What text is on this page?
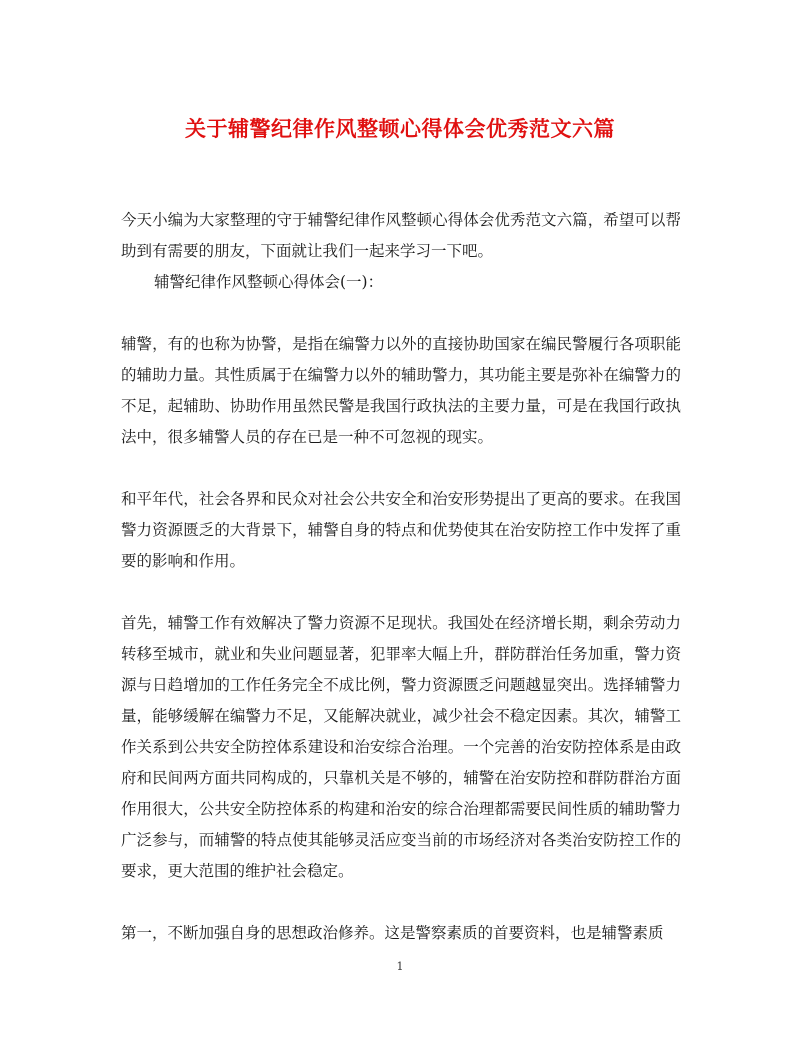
关于辅警纪律作风整顿心得体会优秀范文六篇

今天小编为大家整理的守于辅警纪律作风整顿心得体会优秀范文六篇，希望可以帮助到有需要的朋友，下面就让我们一起来学习一下吧。

辅警纪律作风整顿心得体会(一)：

辅警，有的也称为协警，是指在编警力以外的直接协助国家在编民警履行各项职能的辅助力量。其性质属于在编警力以外的辅助警力，其功能主要是弥补在编警力的不足，起辅助、协助作用虽然民警是我国行政执法的主要力量，可是在我国行政执法中，很多辅警人员的存在已是一种不可忽视的现实。

和平年代，社会各界和民众对社会公共安全和治安形势提出了更高的要求。在我国警力资源匮乏的大背景下，辅警自身的特点和优势使其在治安防控工作中发挥了重要的影响和作用。

首先，辅警工作有效解决了警力资源不足现状。我国处在经济增长期，剩余劳动力转移至城市，就业和失业问题显著，犯罪率大幅上升，群防群治任务加重，警力资源与日趋增加的工作任务完全不成比例，警力资源匮乏问题越显突出。选择辅警力量，能够缓解在编警力不足，又能解决就业，减少社会不稳定因素。其次，辅警工作关系到公共安全防控体系建设和治安综合治理。一个完善的治安防控体系是由政府和民间两方面共同构成的，只靠机关是不够的，辅警在治安防控和群防群治方面作用很大，公共安全防控体系的构建和治安的综合治理都需要民间性质的辅助警力广泛参与，而辅警的特点使其能够灵活应变当前的市场经济对各类治安防控工作的要求，更大范围的维护社会稳定。

第一，不断加强自身的思想政治修养。这是警察素质的首要资料，也是辅警素质

1
